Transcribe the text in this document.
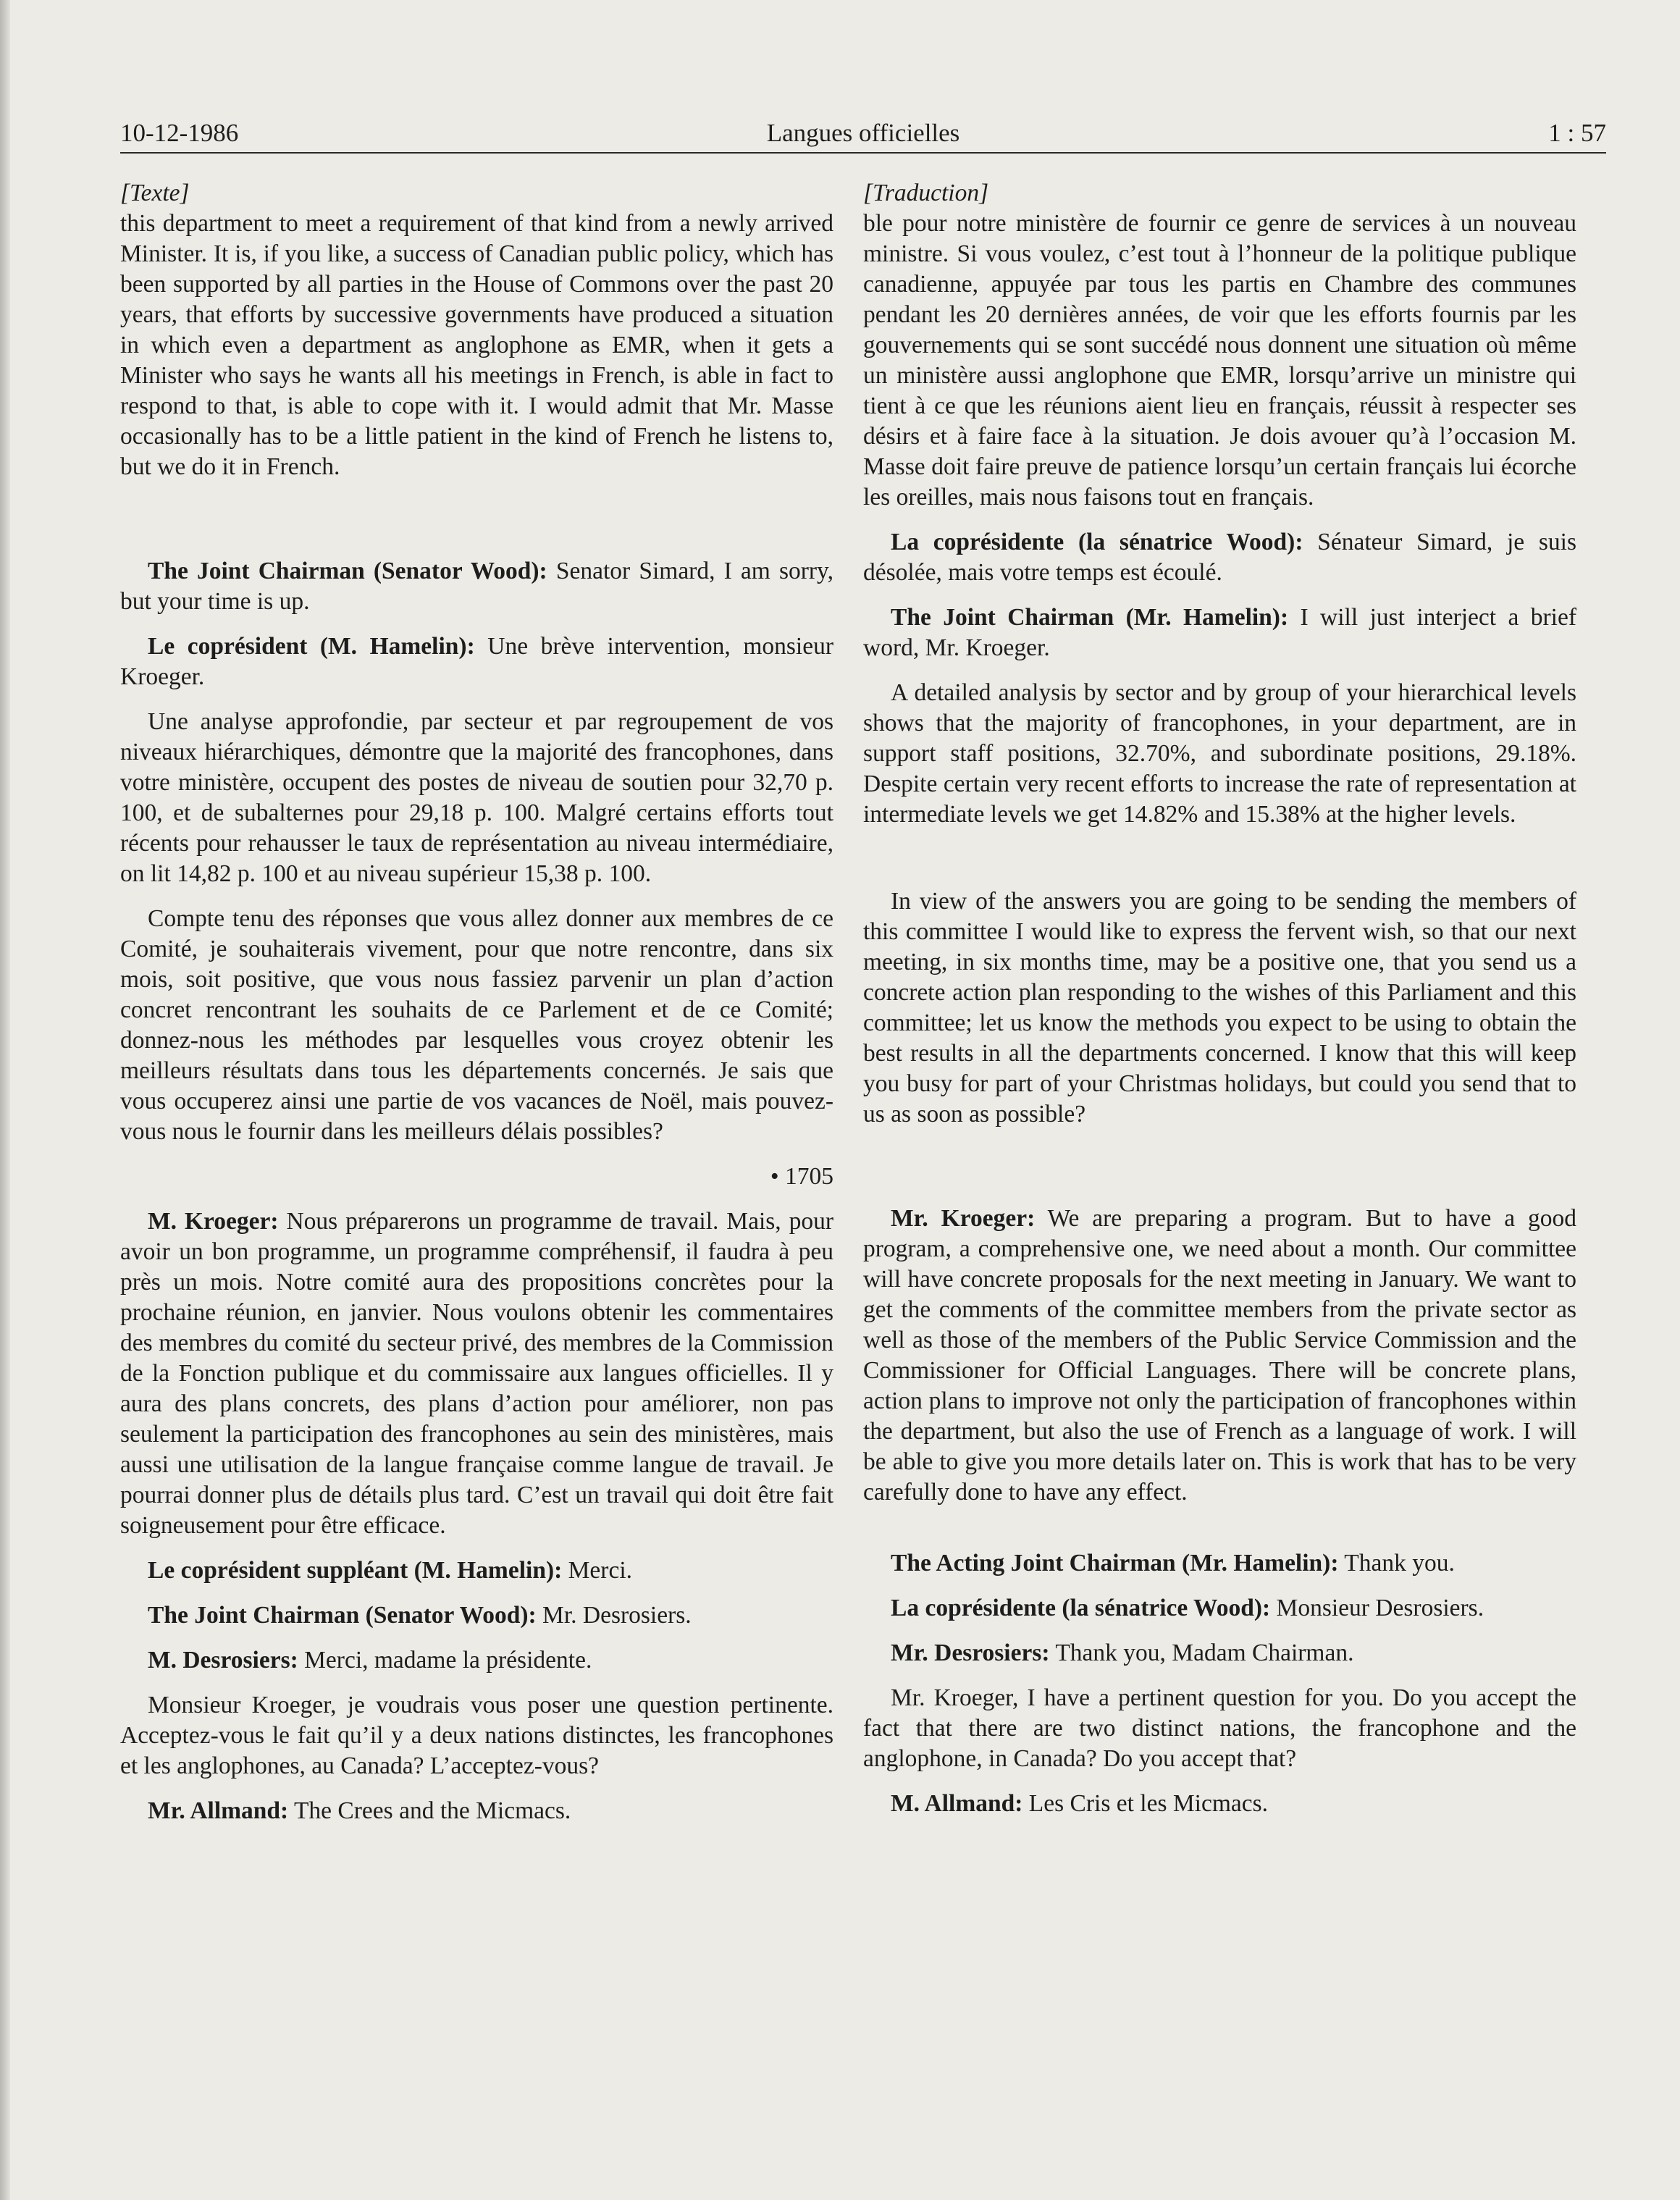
10-12-1986	Langues officielles	1 : 57

[Texte]

this department to meet a requirement of that kind from a newly arrived Minister. It is, if you like, a success of Canadian public policy, which has been supported by all parties in the House of Commons over the past 20 years, that efforts by successive governments have produced a situation in which even a department as anglophone as EMR, when it gets a Minister who says he wants all his meetings in French, is able in fact to respond to that, is able to cope with it. I would admit that Mr. Masse occasionally has to be a little patient in the kind of French he listens to, but we do it in French.

The Joint Chairman (Senator Wood): Senator Simard, I am sorry, but your time is up.

Le coprésident (M. Hamelin): Une brève intervention, monsieur Kroeger.

Une analyse approfondie, par secteur et par regroupement de vos niveaux hiérarchiques, démontre que la majorité des francophones, dans votre ministère, occupent des postes de niveau de soutien pour 32,70 p. 100, et de subalternes pour 29,18 p. 100. Malgré certains efforts tout récents pour rehausser le taux de représentation au niveau intermédiaire, on lit 14,82 p. 100 et au niveau supérieur 15,38 p. 100.

Compte tenu des réponses que vous allez donner aux membres de ce Comité, je souhaiterais vivement, pour que notre rencontre, dans six mois, soit positive, que vous nous fassiez parvenir un plan d’action concret rencontrant les souhaits de ce Parlement et de ce Comité; donnez-nous les méthodes par lesquelles vous croyez obtenir les meilleurs résultats dans tous les départements concernés. Je sais que vous occuperez ainsi une partie de vos vacances de Noël, mais pouvez-vous nous le fournir dans les meilleurs délais possibles?

• 1705

M. Kroeger: Nous préparerons un programme de travail. Mais, pour avoir un bon programme, un programme compréhensif, il faudra à peu près un mois. Notre comité aura des propositions concrètes pour la prochaine réunion, en janvier. Nous voulons obtenir les commentaires des membres du comité du secteur privé, des membres de la Commission de la Fonction publique et du commissaire aux langues officielles. Il y aura des plans concrets, des plans d’action pour améliorer, non pas seulement la participation des francophones au sein des ministères, mais aussi une utilisation de la langue française comme langue de travail. Je pourrai donner plus de détails plus tard. C’est un travail qui doit être fait soigneusement pour être efficace.

Le coprésident suppléant (M. Hamelin): Merci.

The Joint Chairman (Senator Wood): Mr. Desrosiers.

M. Desrosiers: Merci, madame la présidente.

Monsieur Kroeger, je voudrais vous poser une question pertinente. Acceptez-vous le fait qu’il y a deux nations distinctes, les francophones et les anglophones, au Canada? L’acceptez-vous?

Mr. Allmand: The Crees and the Micmacs.

[Traduction]

ble pour notre ministère de fournir ce genre de services à un nouveau ministre. Si vous voulez, c’est tout à l’honneur de la politique publique canadienne, appuyée par tous les partis en Chambre des communes pendant les 20 dernières années, de voir que les efforts fournis par les gouvernements qui se sont succédé nous donnent une situation où même un ministère aussi anglophone que EMR, lorsqu’arrive un ministre qui tient à ce que les réunions aient lieu en français, réussit à respecter ses désirs et à faire face à la situation. Je dois avouer qu’à l’occasion M. Masse doit faire preuve de patience lorsqu’un certain français lui écorche les oreilles, mais nous faisons tout en français.

La coprésidente (la sénatrice Wood): Sénateur Simard, je suis désolée, mais votre temps est écoulé.

The Joint Chairman (Mr. Hamelin): I will just interject a brief word, Mr. Kroeger.

A detailed analysis by sector and by group of your hierarchical levels shows that the majority of francophones, in your department, are in support staff positions, 32.70%, and subordinate positions, 29.18%. Despite certain very recent efforts to increase the rate of representation at intermediate levels we get 14.82% and 15.38% at the higher levels.

In view of the answers you are going to be sending the members of this committee I would like to express the fervent wish, so that our next meeting, in six months time, may be a positive one, that you send us a concrete action plan responding to the wishes of this Parliament and this committee; let us know the methods you expect to be using to obtain the best results in all the departments concerned. I know that this will keep you busy for part of your Christmas holidays, but could you send that to us as soon as possible?

Mr. Kroeger: We are preparing a program. But to have a good program, a comprehensive one, we need about a month. Our committee will have concrete proposals for the next meeting in January. We want to get the comments of the committee members from the private sector as well as those of the members of the Public Service Commission and the Commissioner for Official Languages. There will be concrete plans, action plans to improve not only the participation of francophones within the department, but also the use of French as a language of work. I will be able to give you more details later on. This is work that has to be very carefully done to have any effect.

The Acting Joint Chairman (Mr. Hamelin): Thank you.

La coprésidente (la sénatrice Wood): Monsieur Desrosiers.

Mr. Desrosiers: Thank you, Madam Chairman.

Mr. Kroeger, I have a pertinent question for you. Do you accept the fact that there are two distinct nations, the francophone and the anglophone, in Canada? Do you accept that?

M. Allmand: Les Cris et les Micmacs.
